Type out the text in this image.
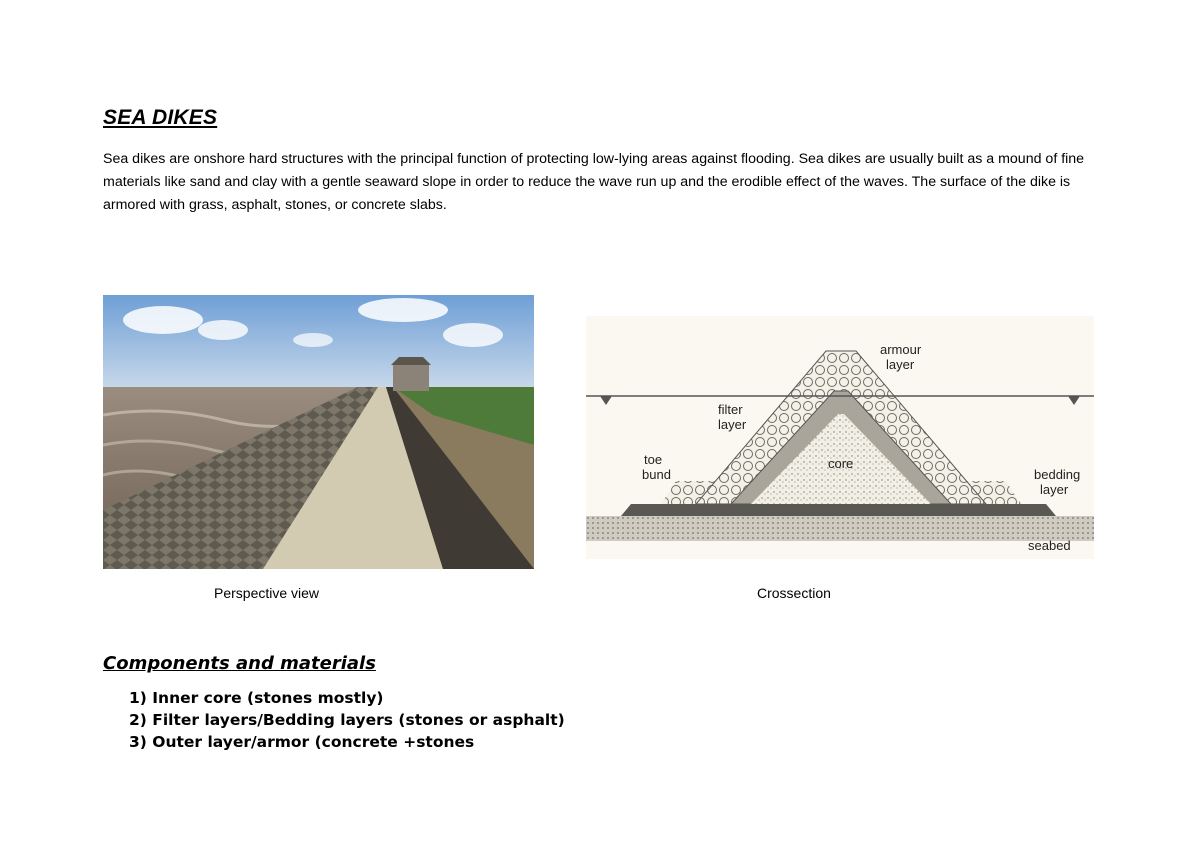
SEA DIKES
Sea dikes are onshore hard structures with the principal function of protecting low-lying areas against flooding. Sea dikes are usually built as a mound of fine materials like sand and clay with a gentle seaward slope in order to reduce the wave run up and the erodible effect of the waves. The surface of the dike is armored with grass, asphalt, stones, or concrete slabs.
armour
layer
filter
layer
core
toe
bund	bedding
layer
seabed
Perspective view	Crossection
Components and materials
1) Inner core (stones mostly)
2) Filter layers/Bedding layers (stones or asphalt)
3) Outer layer/armor (concrete +stones
